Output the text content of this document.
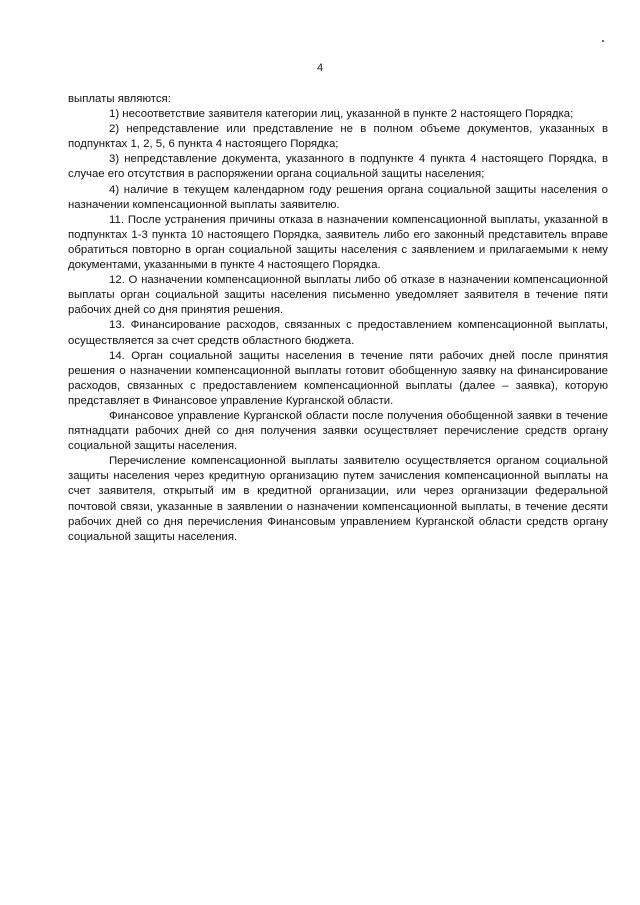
4

выплаты являются:

1) несоответствие заявителя категории лиц, указанной в пункте 2 настоящего Порядка;

2) непредставление или представление не в полном объеме документов, указанных в подпунктах 1, 2, 5, 6 пункта 4 настоящего Порядка;

3) непредставление документа, указанного в подпункте 4 пункта 4 настоящего Порядка, в случае его отсутствия в распоряжении органа социальной защиты населения;

4) наличие в текущем календарном году решения органа социальной защиты населения о назначении компенсационной выплаты заявителю.

11. После устранения причины отказа в назначении компенсационной выплаты, указанной в подпунктах 1-3 пункта 10 настоящего Порядка, заявитель либо его законный представитель вправе обратиться повторно в орган социальной защиты населения с заявлением и прилагаемыми к нему документами, указанными в пункте 4 настоящего Порядка.

12. О назначении компенсационной выплаты либо об отказе в назначении компенсационной выплаты орган социальной защиты населения письменно уведомляет заявителя в течение пяти рабочих дней со дня принятия решения.

13. Финансирование расходов, связанных с предоставлением компенсационной выплаты, осуществляется за счет средств областного бюджета.

14. Орган социальной защиты населения в течение пяти рабочих дней после принятия решения о назначении компенсационной выплаты готовит обобщенную заявку на финансирование расходов, связанных с предоставлением компенсационной выплаты (далее – заявка), которую представляет в Финансовое управление Курганской области.

Финансовое управление Курганской области после получения обобщенной заявки в течение пятнадцати рабочих дней со дня получения заявки осуществляет перечисление средств органу социальной защиты населения.

Перечисление компенсационной выплаты заявителю осуществляется органом социальной защиты населения через кредитную организацию путем зачисления компенсационной выплаты на счет заявителя, открытый им в кредитной организации, или через организации федеральной почтовой связи, указанные в заявлении о назначении компенсационной выплаты, в течение десяти рабочих дней со дня перечисления Финансовым управлением Курганской области средств органу социальной защиты населения.
